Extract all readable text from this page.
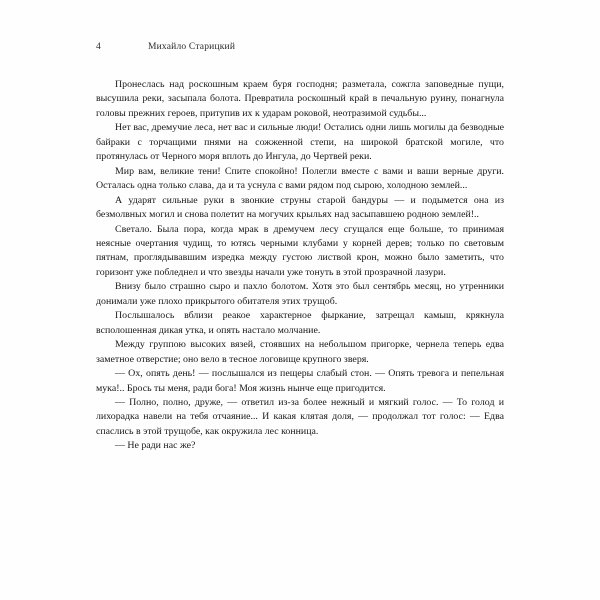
4	Михайло Старицкий

Пронеслась над роскошным краем буря господня; разметала, сожгла заповедные пущи, высушила реки, засыпала болота. Превратила роскошный край в печальную руину, понагнула головы прежних героев, притупив их к ударам роковой, неотразимой судьбы...

Нет вас, дремучие леса, нет вас и сильные люди! Остались одни лишь могилы да безводные байраки с торчащими пнями на сожженной степи, на широкой братской могиле, что протянулась от Черного моря вплоть до Ингула, до Чертвей реки.

Мир вам, великие тени! Спите спокойно! Полегли вместе с вами и ваши верные други. Осталась одна только слава, да и та уснула с вами рядом под сырою, холодною землей...

А ударят сильные руки в звонкие струны старой бандуры — и подымется она из безмолвных могил и снова полетит на могучих крыльях над засыпавшею родною землей!..

Светало. Была пора, когда мрак в дремучем лесу сгущался еще больше, то принимая неясные очертания чудищ, то ютясь черными клубами у корней дерев; только по световым пятнам, проглядывавшим изредка между густою листвой крон, можно было заметить, что горизонт уже побледнел и что звезды начали уже тонуть в этой прозрачной лазури.

Внизу было страшно сыро и пахло болотом. Хотя это был сентябрь месяц, но утренники донимали уже плохо прикрытого обитателя этих трущоб.

Послышалось вблизи реакое характерное фыркание, затрещал камыш, крякнула всполошенная дикая утка, и опять настало молчание.

Между группою высоких вязей, стоявших на небольшом пригорке, чернела теперь едва заметное отверстие; оно вело в тесное логовище крупного зверя.

— Ох, опять день! — послышался из пещеры слабый стон. — Опять тревога и пепельная мука!.. Брось ты меня, ради бога! Моя жизнь нынче еще пригодится.

— Полно, полно, друже, — ответил из-за более нежный и мягкий голос. — То голод и лихорадка навели на тебя отчаяние... И какая клятая доля, — продолжал тот голос: — Едва спаслись в этой трущобе, как окружила лес конница.

— Не ради нас же?
